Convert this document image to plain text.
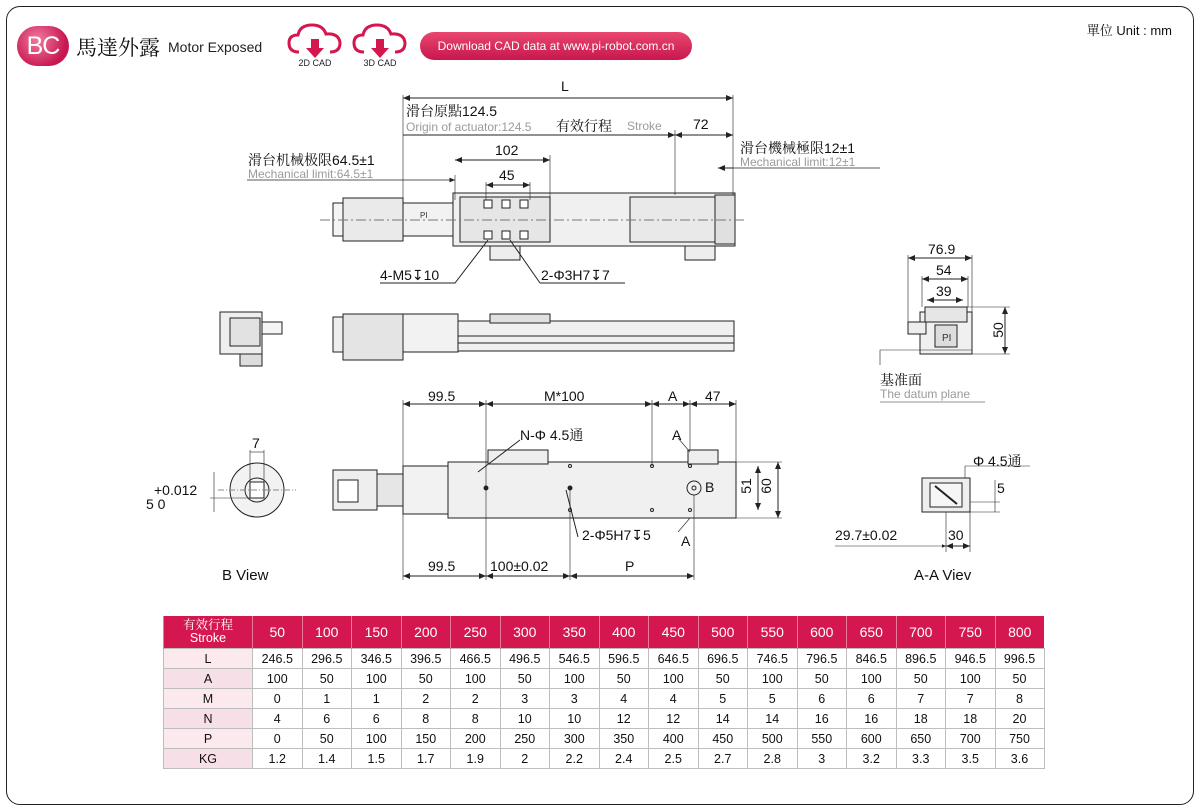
BC 馬達外露 Motor Exposed
2D CAD	3D CAD
Download CAD data at www.pi-robot.com.cn
單位 Unit : mm
PI
PI
L
滑台原點124.5
Origin of actuator:124.5 有效行程 Stroke 72
滑台机械极限64.5±1
Mechanical limit:64.5±1
滑台機械極限12±1
Mechanical limit:12±1
102
45
4-M5↧10	2-Φ3H7↧7
76.9
54
39
50
基准面
The datum plane
99.5	M*100	A 47
N-Φ 4.5通	A
B 51 60
2-Φ5H7↧5 A
99.5 100±0.02	P
7
+0.012
5 0
B View
Φ 4.5通
5
29.7±0.02	30
A-A Viev
有效行程
Stroke	50	100	150	200	250	300	350	400	450	500	550	600	650	700	750	800
L	246.5	296.5	346.5	396.5	466.5	496.5	546.5	596.5	646.5	696.5	746.5	796.5	846.5	896.5	946.5	996.5
A	100	50	100	50	100	50	100	50	100	50	100	50	100	50	100	50
M	0	1	1	2	2	3	3	4	4	5	5	6	6	7	7	8
N	4	6	6	8	8	10	10	12	12	14	14	16	16	18	18	20
P	0	50	100	150	200	250	300	350	400	450	500	550	600	650	700	750
KG	1.2	1.4	1.5	1.7	1.9	2	2.2	2.4	2.5	2.7	2.8	3	3.2	3.3	3.5	3.6
